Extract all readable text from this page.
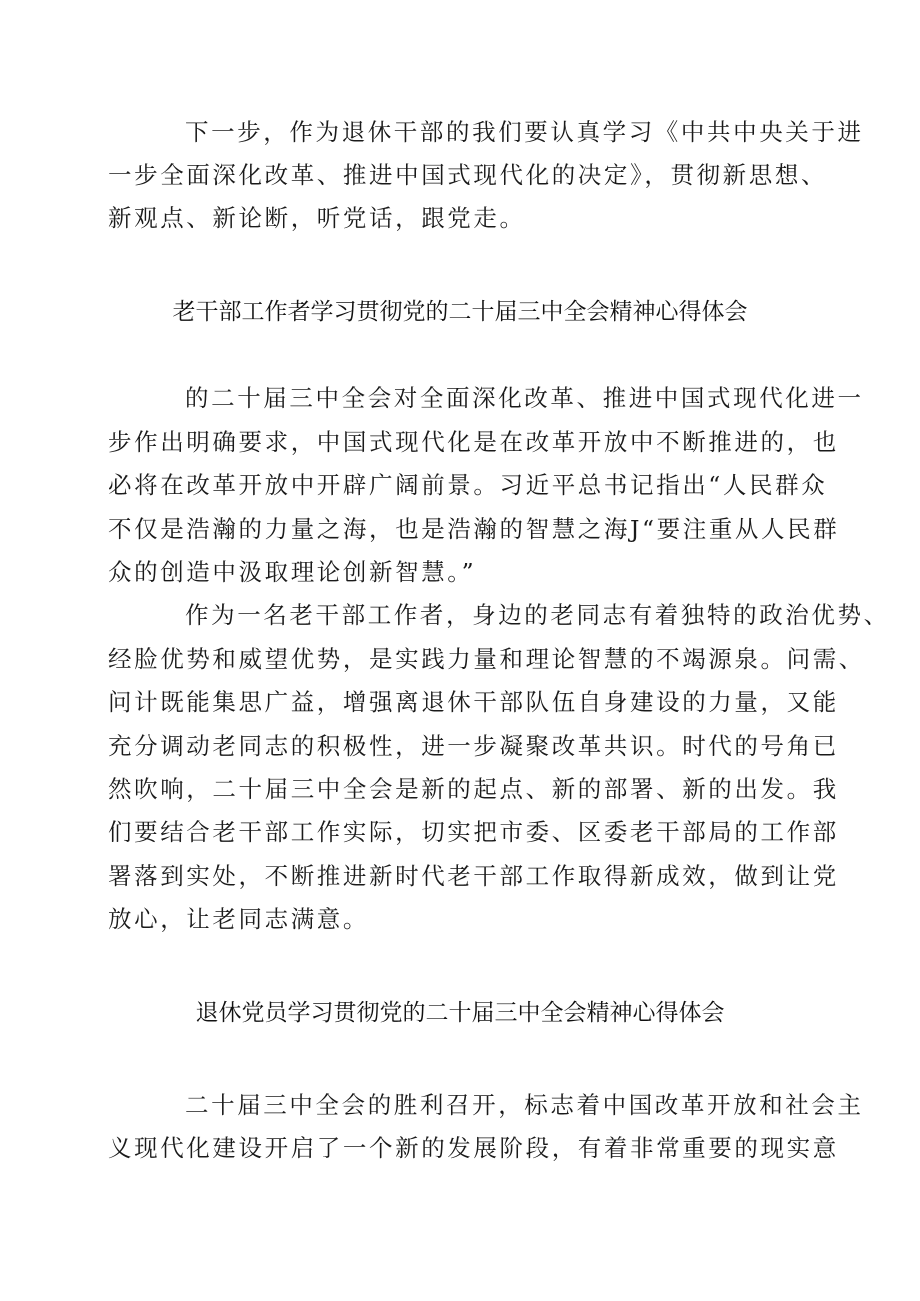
下一步，作为退休干部的我们要认真学习《中共中央关于进
一步全面深化改革、推进中国式现代化的决定》，贯彻新思想、
新观点、新论断，听党话，跟党走。
老干部工作者学习贯彻党的二十届三中全会精神心得体会
的二十届三中全会对全面深化改革、推进中国式现代化进一
步作出明确要求，中国式现代化是在改革开放中不断推进的，也
必将在改革开放中开辟广阔前景。习近平总书记指出“人民群众
不仅是浩瀚的力量之海，也是浩瀚的智慧之海J“要注重从人民群
众的创造中汲取理论创新智慧。”
作为一名老干部工作者，身边的老同志有着独特的政治优势、
经脸优势和威望优势，是实践力量和理论智慧的不竭源泉。问需、
问计既能集思广益，增强离退休干部队伍自身建设的力量，又能
充分调动老同志的积极性，进一步凝聚改革共识。时代的号角已
然吹响，二十届三中全会是新的起点、新的部署、新的出发。我
们要结合老干部工作实际，切实把市委、区委老干部局的工作部
署落到实处，不断推进新时代老干部工作取得新成效，做到让党
放心，让老同志满意。
退休党员学习贯彻党的二十届三中全会精神心得体会
二十届三中全会的胜利召开，标志着中国改革开放和社会主
义现代化建设开启了一个新的发展阶段，有着非常重要的现实意
